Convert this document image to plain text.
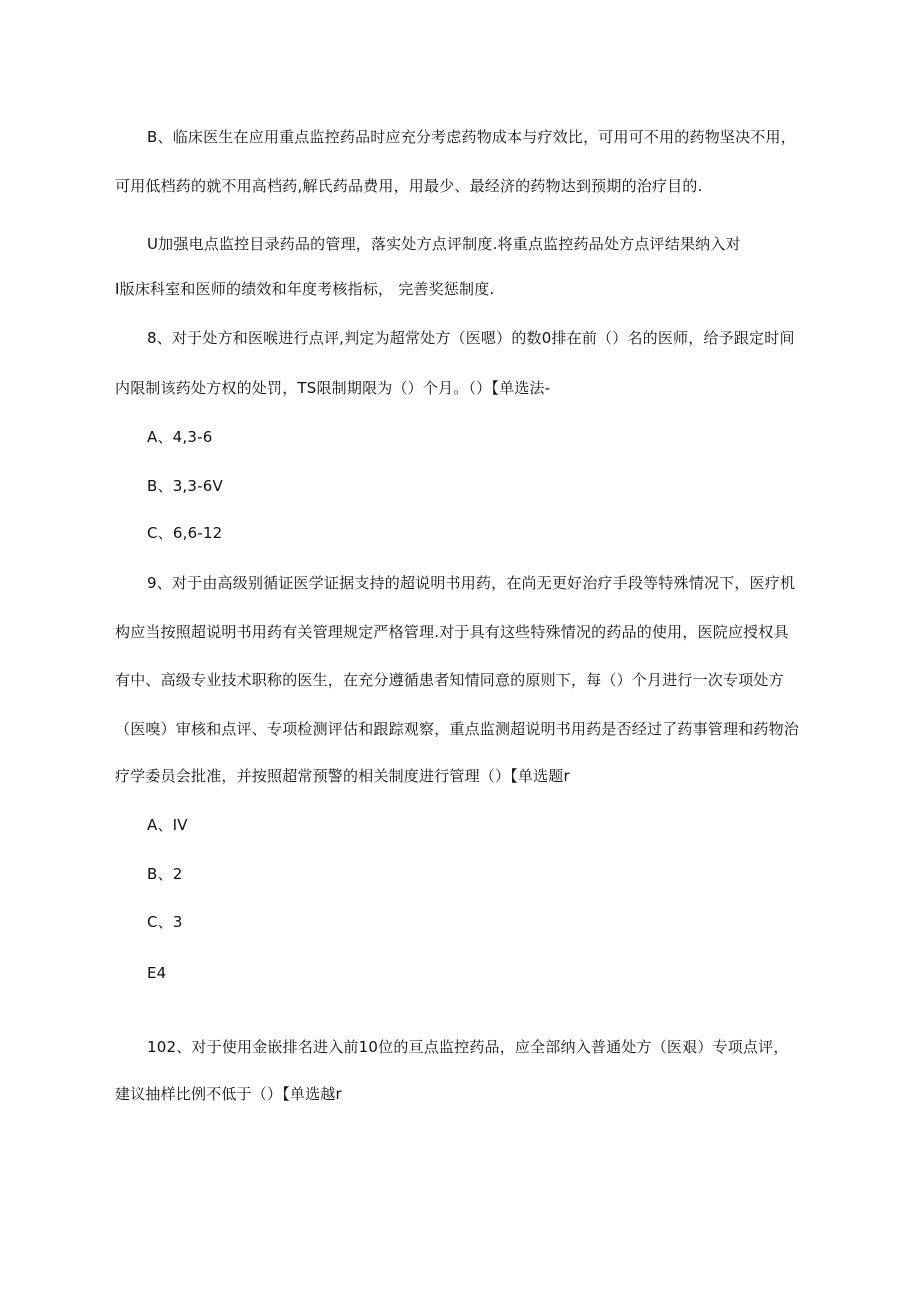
B、临床医生在应用重点监控药品时应充分考虑药物成本与疗效比，可用可不用的药物坚决不用，
可用低档药的就不用高档药,解氏药品费用，用最少、最经济的药物达到预期的治疗目的.
U加强电点监控目录药品的管理，落实处方点评制度.将重点监控药品处方点评结果纳入对
I版床科室和医师的绩效和年度考核指标， 完善奖惩制度.
8、对于处方和医喉进行点评,判定为超常处方（医嗯）的数0排在前（）名的医师，给予跟定时间
内限制该药处方权的处罚，TS限制期限为（）个月。（）【单选法-
A、4,3-6
B、3,3-6V
C、6,6-12
9、对于由高级别循证医学证据支持的超说明书用药，在尚无更好治疗手段等特殊情况下，医疗机
构应当按照超说明书用药有关管理规定严格管理.对于具有这些特殊情况的药品的使用，医院应授权具
有中、高级专业技术职称的医生，在充分遵循患者知情同意的原则下，每（）个月进行一次专项处方
（医嗅）审核和点评、专项检测评估和跟踪观察，重点监测超说明书用药是否经过了药事管理和药物治
疗学委员会批准，并按照超常预警的相关制度进行管理（）【单选题r
A、IV
B、2
C、3
E4
102、对于使用金嵌排名进入前10位的亘点监控药品，应全部纳入普通处方（医艰）专项点评，
建议抽样比例不低于（）【单选越r
